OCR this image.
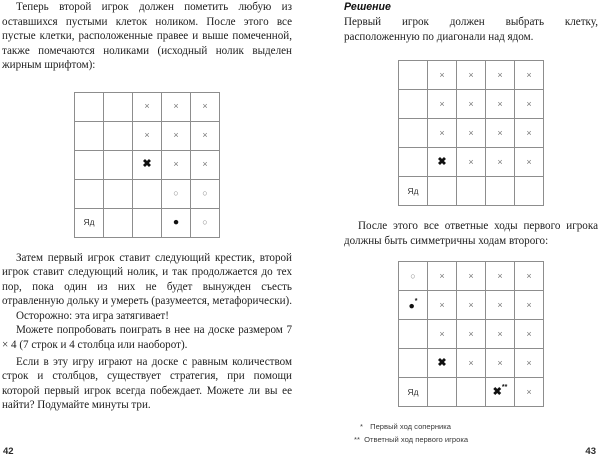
Теперь второй игрок должен пометить любую из оставшихся пустыми клеток ноликом. После этого все пустые клетки, расположенные правее и выше помеченной, также помечаются ноликами (исходный нолик выделен жирным шрифтом):

		×	×	×
		×	×	×
		✖	×	×
			○	○
Яд			●	○

Затем первый игрок ставит следующий крестик, второй игрок ставит следующий нолик, и так продолжается до тех пор, пока один из них не будет вынужден съесть отравленную дольку и умереть (разумеется, метафорически).

Осторожно: эта игра затягивает!

Можете попробовать поиграть в нее на доске размером 7 × 4 (7 строк и 4 столбца или наоборот).

Если в эту игру играют на доске с равным количеством строк и столбцов, существует стратегия, при помощи которой первый игрок всегда побеждает. Можете ли вы ее найти? Подумайте минуты три.

42
Решение

Первый игрок должен выбрать клетку, расположенную по диагонали над ядом.

	×	×	×	×
	×	×	×	×
	×	×	×	×
	✖	×	×	×
Яд				

После этого все ответные ходы первого игрока должны быть симметричны ходам второго:

○	×	×	×	×
●*	×	×	×	×
	×	×	×	×
	✖	×	×	×
Яд			✖**	×
* Первый ход соперника
** Ответный ход первого игрока
43
